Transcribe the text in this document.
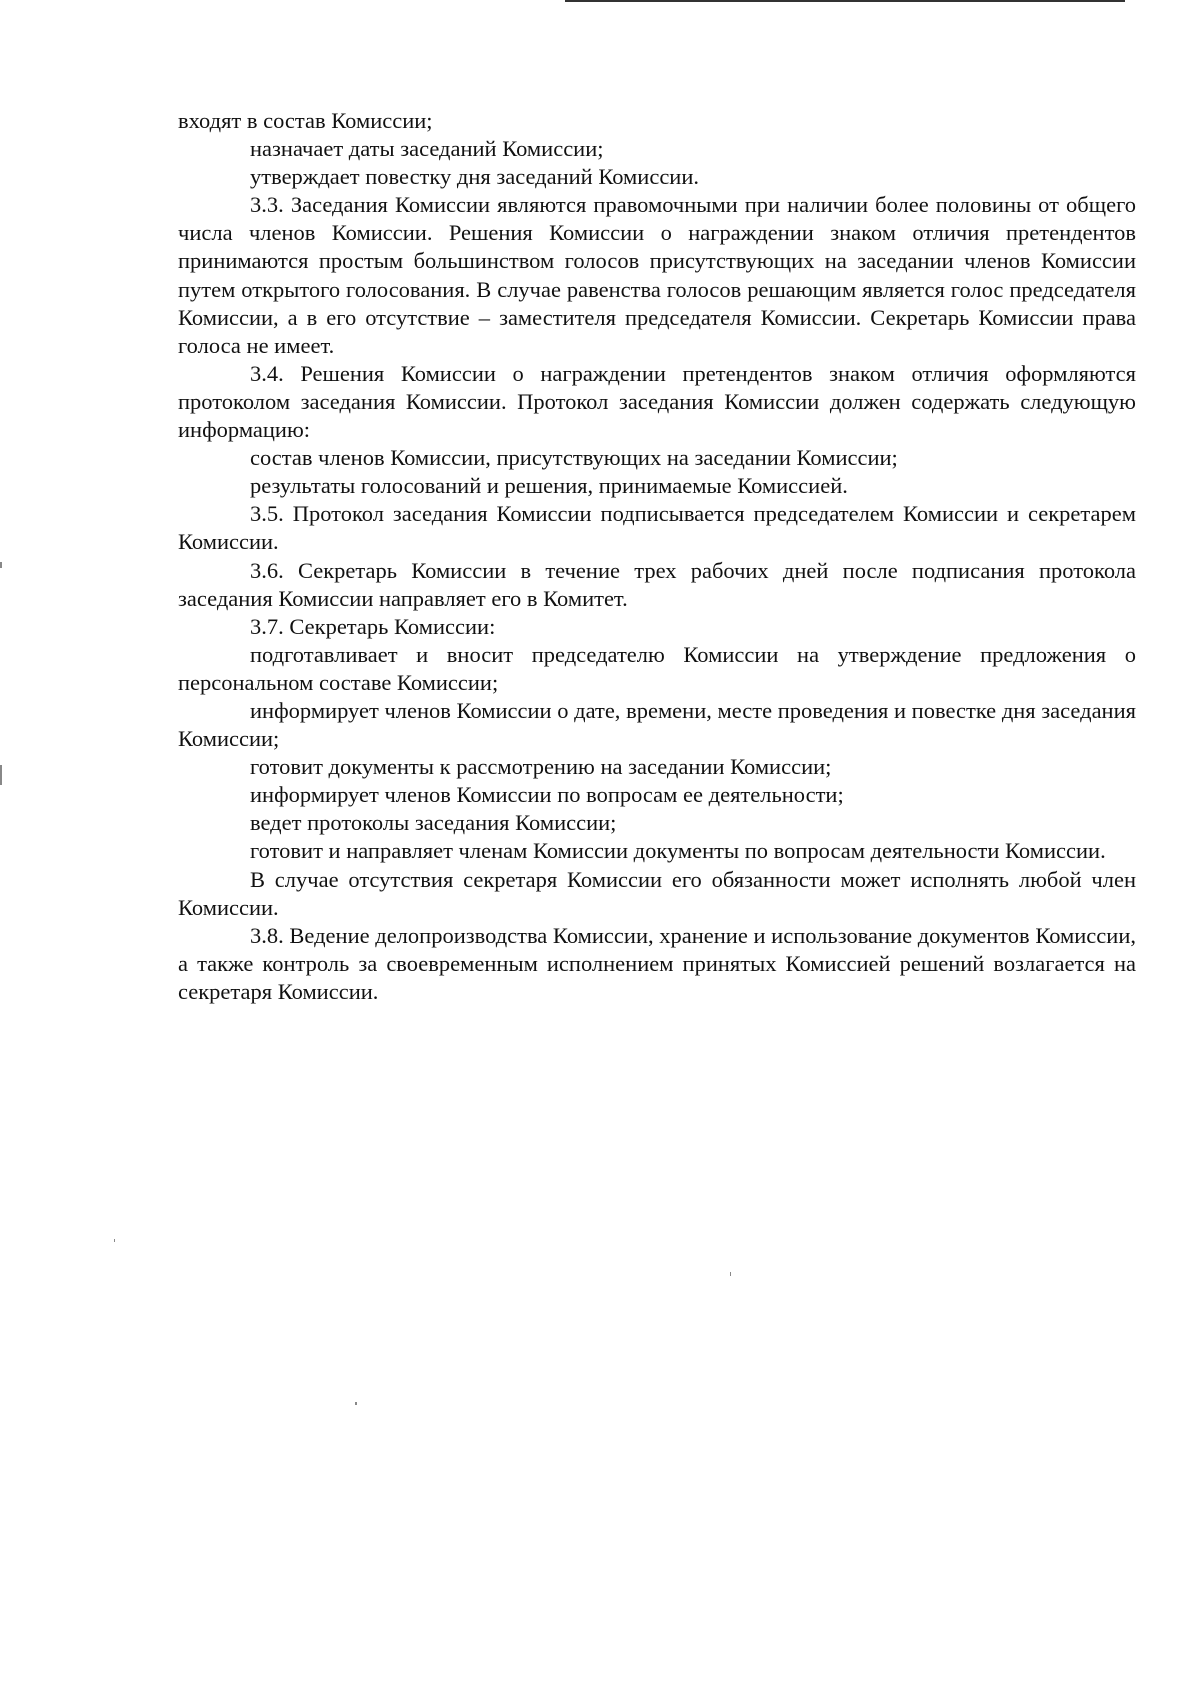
входят в состав Комиссии;

назначает даты заседаний Комиссии;

утверждает повестку дня заседаний Комиссии.

3.3. Заседания Комиссии являются правомочными при наличии более половины от общего числа членов Комиссии. Решения Комиссии о награждении знаком отличия претендентов принимаются простым большинством голосов присутствующих на заседании членов Комиссии путем открытого голосования. В случае равенства голосов решающим является голос председателя Комиссии, а в его отсутствие – заместителя председателя Комиссии. Секретарь Комиссии права голоса не имеет.

3.4. Решения Комиссии о награждении претендентов знаком отличия оформляются протоколом заседания Комиссии. Протокол заседания Комиссии должен содержать следующую информацию:

состав членов Комиссии, присутствующих на заседании Комиссии;

результаты голосований и решения, принимаемые Комиссией.

3.5. Протокол заседания Комиссии подписывается председателем Комиссии и секретарем Комиссии.

3.6. Секретарь Комиссии в течение трех рабочих дней после подписания протокола заседания Комиссии направляет его в Комитет.

3.7. Секретарь Комиссии:

подготавливает и вносит председателю Комиссии на утверждение предложения о персональном составе Комиссии;

информирует членов Комиссии о дате, времени, месте проведения и повестке дня заседания Комиссии;

готовит документы к рассмотрению на заседании Комиссии;

информирует членов Комиссии по вопросам ее деятельности;

ведет протоколы заседания Комиссии;

готовит и направляет членам Комиссии документы по вопросам деятельности Комиссии.

В случае отсутствия секретаря Комиссии его обязанности может исполнять любой член Комиссии.

3.8. Ведение делопроизводства Комиссии, хранение и использование документов Комиссии, а также контроль за своевременным исполнением принятых Комиссией решений возлагается на секретаря Комиссии.
